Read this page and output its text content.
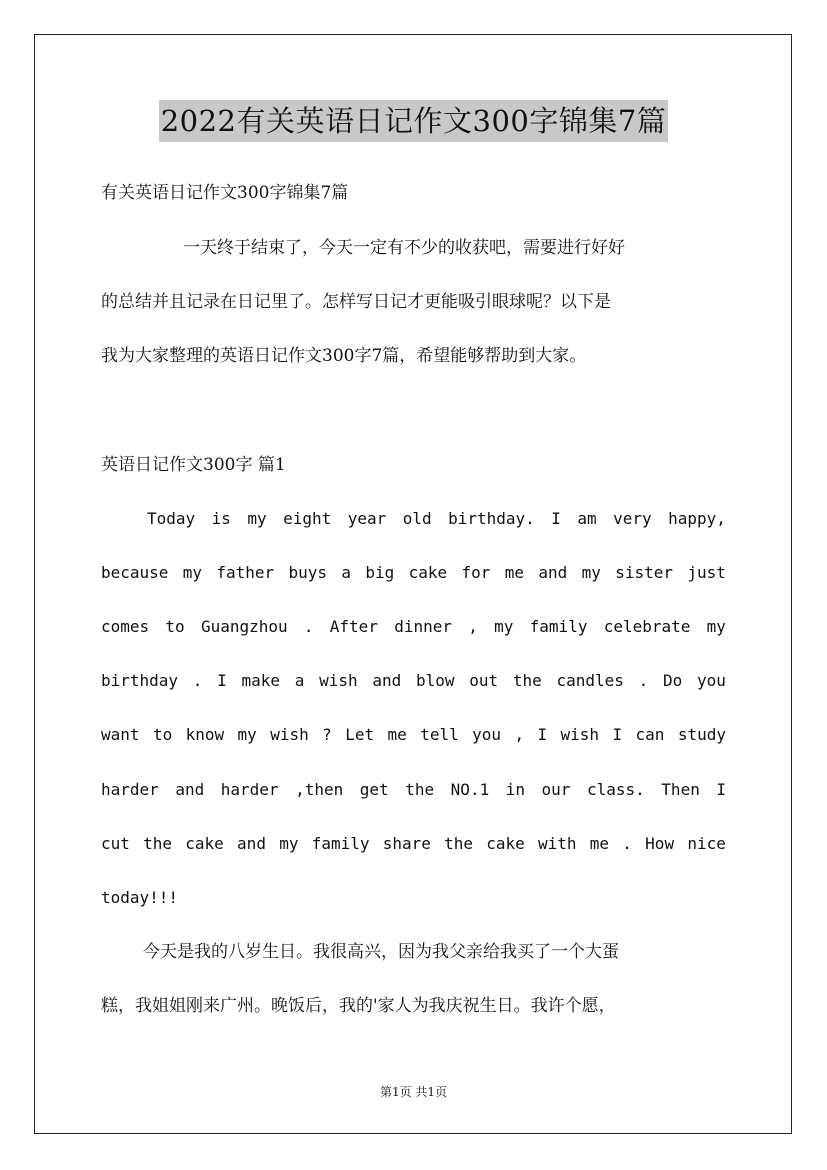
2022有关英语日记作文300字锦集7篇
有关英语日记作文300字锦集7篇
一天终于结束了，今天一定有不少的收获吧，需要进行好好
的总结并且记录在日记里了。怎样写日记才更能吸引眼球呢？以下是
我为大家整理的英语日记作文300字7篇，希望能够帮助到大家。
英语日记作文300字 篇1
Today is my eight year old birthday. I am very happy,
because my father buys a big cake for me and my sister just
comes to Guangzhou . After dinner , my family celebrate my
birthday . I make a wish and blow out the candles . Do you
want to know my wish ? Let me tell you , I wish I can study
harder and harder ,then get the NO.1 in our class. Then I
cut the cake and my family share the cake with me . How nice
today!!!
今天是我的八岁生日。我很高兴，因为我父亲给我买了一个大蛋
糕，我姐姐刚来广州。晚饭后，我的'家人为我庆祝生日。我许个愿，
第1页 共1页
